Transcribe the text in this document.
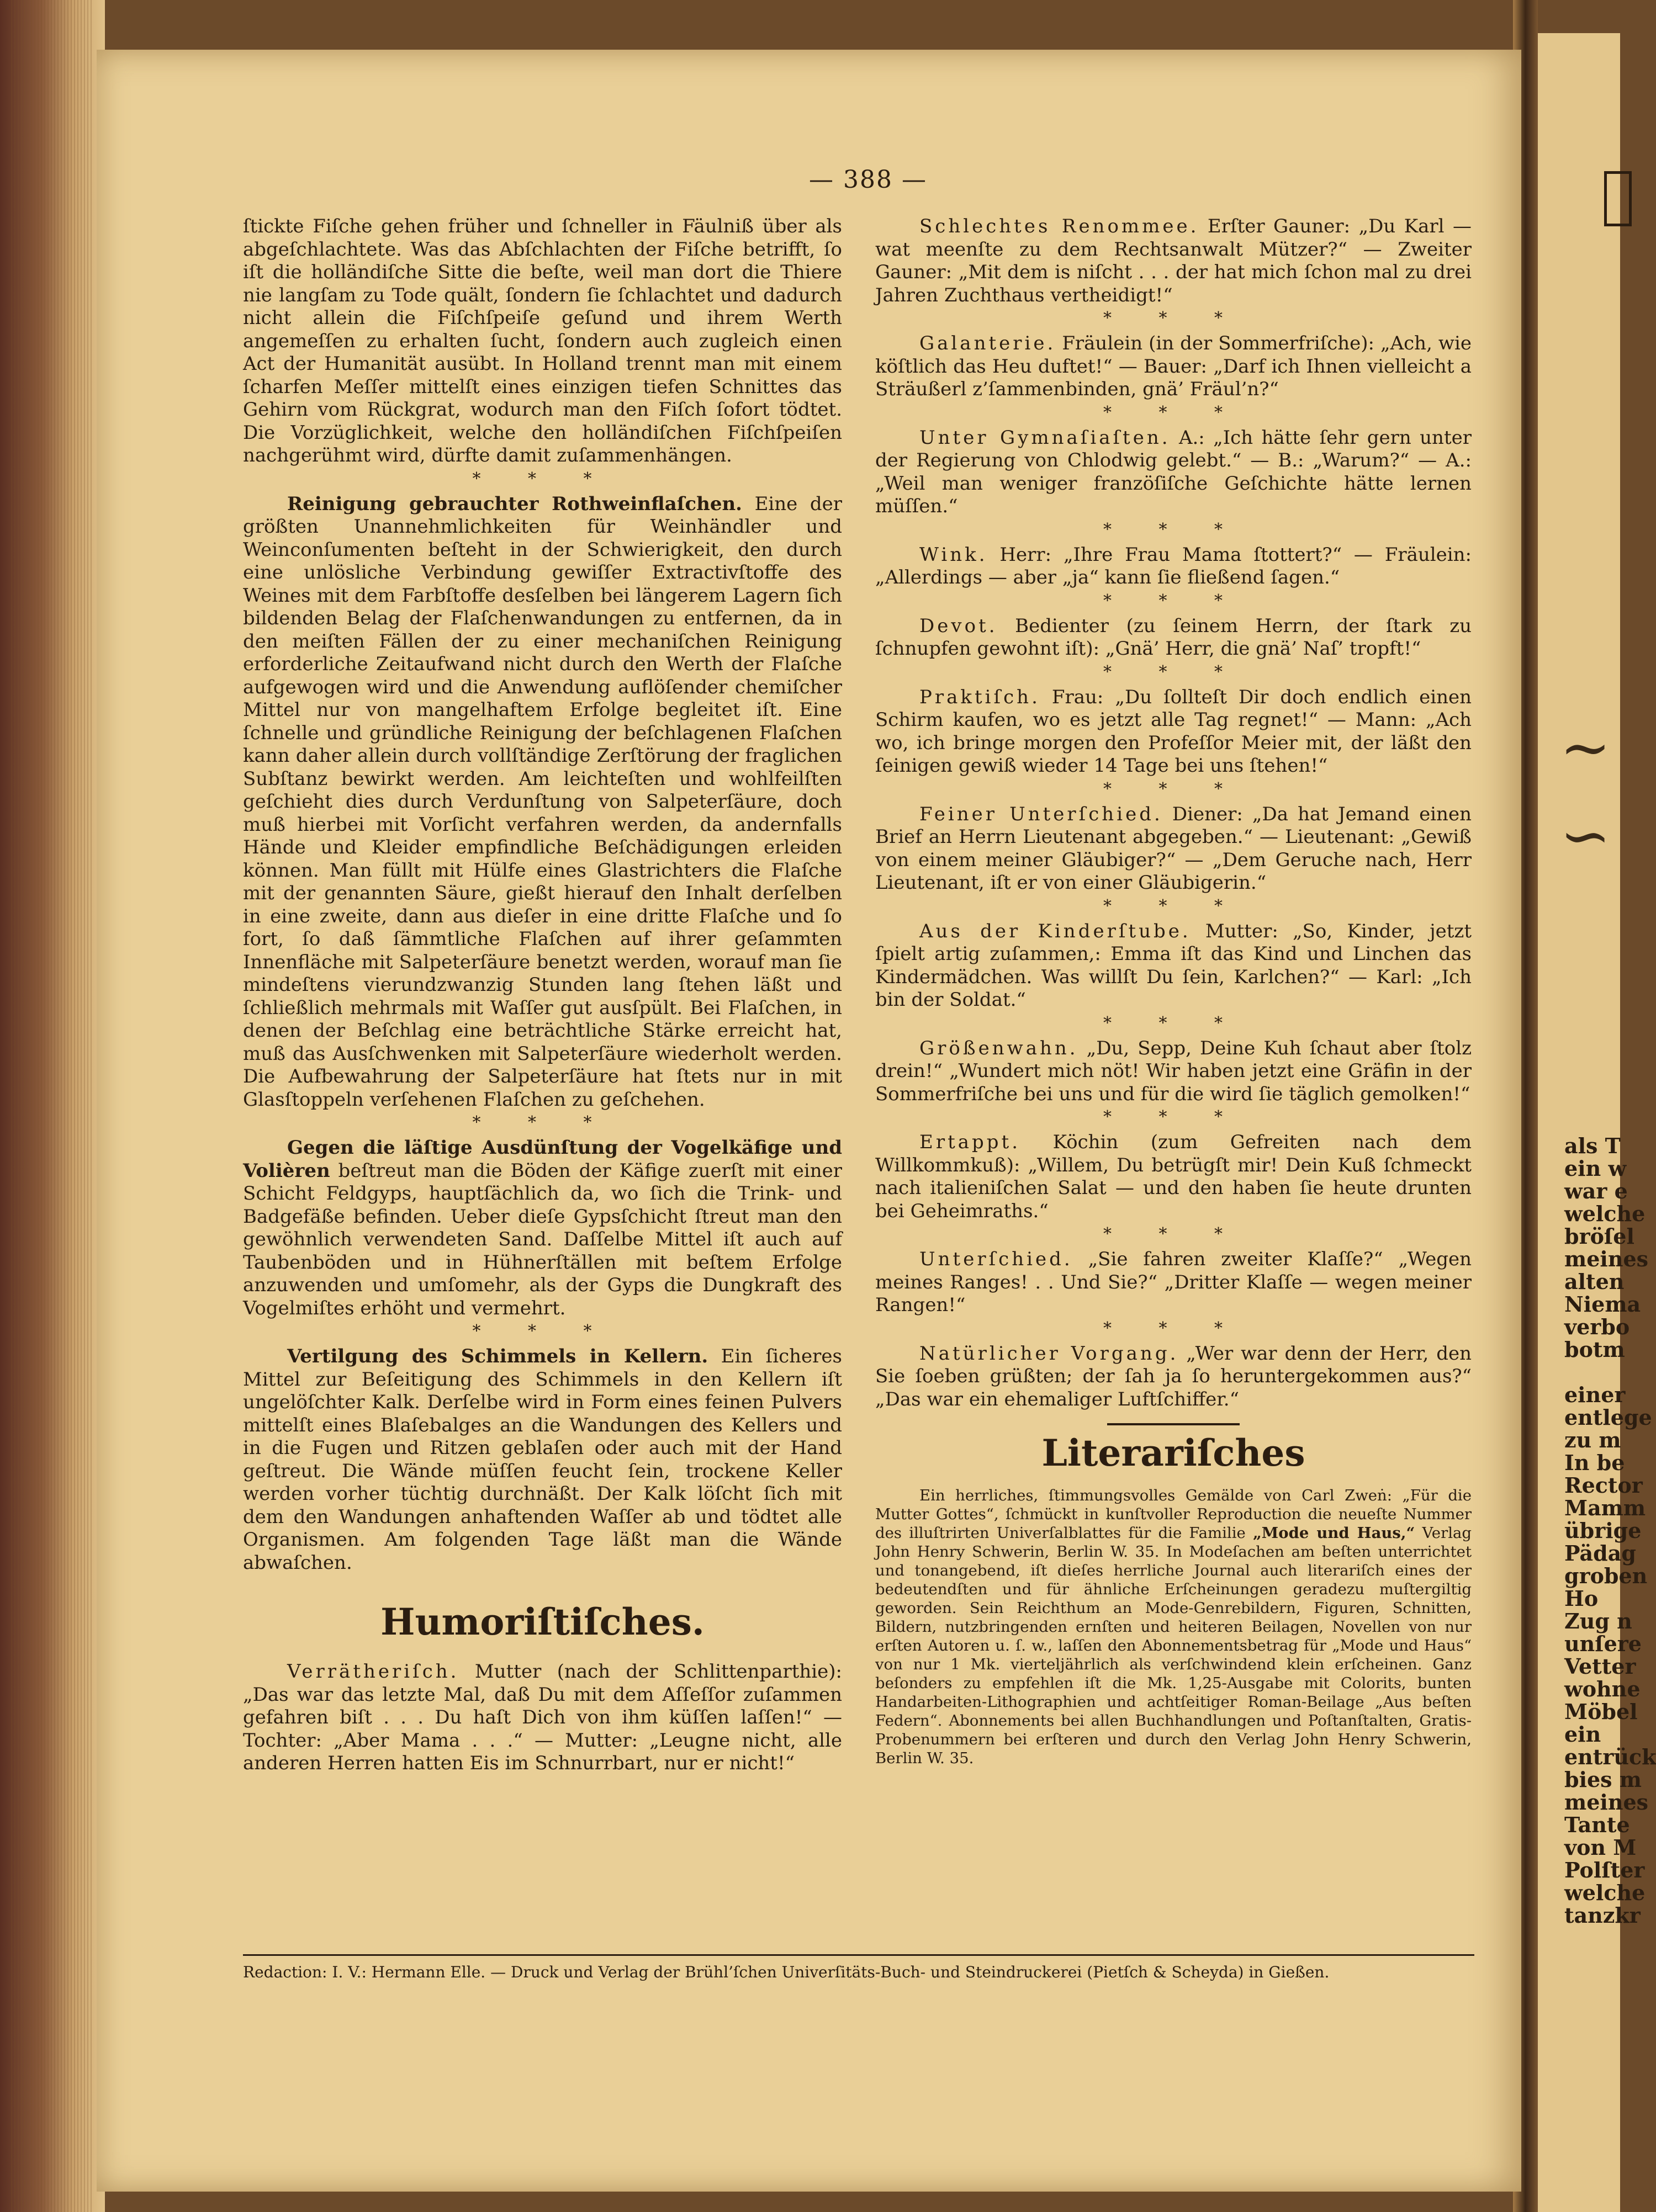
~
∽
als T
ein w
war e
welche
bröſel
meines
alten
Niema
verbo
botm

einer
entlege
zu m
In be
Rector
Mamm
übrige
Pädag
groben
Ho
Zug n
unſere
Vetter
wohne
Möbel
ein
entrück
bies m
meines
Tante
von M
Polſter
welche
tanzkr
— 388 —

ſtickte Fiſche gehen früher und ſchneller in Fäulniß über als abgeſchlachtete. Was das Abſchlachten der Fiſche betrifft, ſo iſt die holländiſche Sitte die beſte, weil man dort die Thiere nie langſam zu Tode quält, ſondern ſie ſchlachtet und dadurch nicht allein die Fiſchſpeiſe geſund und ihrem Werth angemeſſen zu erhalten ſucht, ſondern auch zugleich einen Act der Humanität ausübt. In Holland trennt man mit einem ſcharfen Meſſer mittelſt eines einzigen tiefen Schnittes das Gehirn vom Rückgrat, wodurch man den Fiſch ſofort tödtet. Die Vorzüglichkeit, welche den holländiſchen Fiſchſpeiſen nachgerühmt wird, dürfte damit zuſammenhängen.

* * *

Reinigung gebrauchter Rothweinflaſchen. Eine der größten Unannehmlichkeiten für Weinhändler und Weinconſumenten beſteht in der Schwierigkeit, den durch eine unlösliche Verbindung gewiſſer Extractivſtoffe des Weines mit dem Farbſtoffe desſelben bei längerem Lagern ſich bildenden Belag der Flaſchenwandungen zu entfernen, da in den meiſten Fällen der zu einer mechaniſchen Reinigung erforderliche Zeitaufwand nicht durch den Werth der Flaſche aufgewogen wird und die Anwendung auflöſender chemiſcher Mittel nur von mangelhaftem Erfolge begleitet iſt. Eine ſchnelle und gründliche Reinigung der beſchlagenen Flaſchen kann daher allein durch vollſtändige Zerſtörung der fraglichen Subſtanz bewirkt werden. Am leichteſten und wohlfeilſten geſchieht dies durch Verdunſtung von Salpeterſäure, doch muß hierbei mit Vorſicht verfahren werden, da andernfalls Hände und Kleider empfindliche Beſchädigungen erleiden können. Man füllt mit Hülfe eines Glastrichters die Flaſche mit der genannten Säure, gießt hierauf den Inhalt derſelben in eine zweite, dann aus dieſer in eine dritte Flaſche und ſo fort, ſo daß ſämmtliche Flaſchen auf ihrer geſammten Innenfläche mit Salpeterſäure benetzt werden, worauf man ſie mindeſtens vierundzwanzig Stunden lang ſtehen läßt und ſchließlich mehrmals mit Waſſer gut ausſpült. Bei Flaſchen, in denen der Beſchlag eine beträchtliche Stärke erreicht hat, muß das Ausſchwenken mit Salpeterſäure wiederholt werden. Die Aufbewahrung der Salpeterſäure hat ſtets nur in mit Glasſtoppeln verſehenen Flaſchen zu geſchehen.

* * *

Gegen die läſtige Ausdünſtung der Vogelkäfige und Volièren beſtreut man die Böden der Käfige zuerſt mit einer Schicht Feldgyps, hauptſächlich da, wo ſich die Trink- und Badgefäße befinden. Ueber dieſe Gypsſchicht ſtreut man den gewöhnlich verwendeten Sand. Daſſelbe Mittel iſt auch auf Taubenböden und in Hühnerſtällen mit beſtem Erfolge anzuwenden und umſomehr, als der Gyps die Dungkraft des Vogelmiſtes erhöht und vermehrt.

* * *

Vertilgung des Schimmels in Kellern. Ein ſicheres Mittel zur Beſeitigung des Schimmels in den Kellern iſt ungelöſchter Kalk. Derſelbe wird in Form eines feinen Pulvers mittelſt eines Blaſebalges an die Wandungen des Kellers und in die Fugen und Ritzen geblaſen oder auch mit der Hand geſtreut. Die Wände müſſen feucht ſein, trockene Keller werden vorher tüchtig durchnäßt. Der Kalk löſcht ſich mit dem den Wandungen anhaftenden Waſſer ab und tödtet alle Organismen. Am folgenden Tage läßt man die Wände abwaſchen.

Humoriſtiſches.

Verrätheriſch. Mutter (nach der Schlittenparthie): „Das war das letzte Mal, daß Du mit dem Aſſeſſor zuſammen gefahren biſt . . . Du haſt Dich von ihm küſſen laſſen!“ — Tochter: „Aber Mama . . .“ — Mutter: „Leugne nicht, alle anderen Herren hatten Eis im Schnurrbart, nur er nicht!“

Schlechtes Renommee. Erſter Gauner: „Du Karl — wat meenſte zu dem Rechtsanwalt Mützer?“ — Zweiter Gauner: „Mit dem is niſcht . . . der hat mich ſchon mal zu drei Jahren Zuchthaus vertheidigt!“

* * *

Galanterie. Fräulein (in der Sommerfriſche): „Ach, wie köſtlich das Heu duftet!“ — Bauer: „Darf ich Ihnen vielleicht a Sträußerl z’ſammenbinden, gnä’ Fräul’n?“

* * *

Unter Gymnaſiaſten. A.: „Ich hätte ſehr gern unter der Regierung von Chlodwig gelebt.“ — B.: „Warum?“ — A.: „Weil man weniger franzöſiſche Geſchichte hätte lernen müſſen.“

* * *

Wink. Herr: „Ihre Frau Mama ſtottert?“ — Fräulein: „Allerdings — aber „ja“ kann ſie fließend ſagen.“

* * *

Devot. Bedienter (zu ſeinem Herrn, der ſtark zu ſchnupfen gewohnt iſt): „Gnä’ Herr, die gnä’ Naſ’ tropft!“

* * *

Praktiſch. Frau: „Du ſollteſt Dir doch endlich einen Schirm kaufen, wo es jetzt alle Tag regnet!“ — Mann: „Ach wo, ich bringe morgen den Profeſſor Meier mit, der läßt den ſeinigen gewiß wieder 14 Tage bei uns ſtehen!“

* * *

Feiner Unterſchied. Diener: „Da hat Jemand einen Brief an Herrn Lieutenant abgegeben.“ — Lieutenant: „Gewiß von einem meiner Gläubiger?“ — „Dem Geruche nach, Herr Lieutenant, iſt er von einer Gläubigerin.“

* * *

Aus der Kinderſtube. Mutter: „So, Kinder, jetzt ſpielt artig zuſammen,: Emma iſt das Kind und Linchen das Kindermädchen. Was willſt Du ſein, Karlchen?“ — Karl: „Ich bin der Soldat.“

* * *

Größenwahn. „Du, Sepp, Deine Kuh ſchaut aber ſtolz drein!“ „Wundert mich nöt! Wir haben jetzt eine Gräfin in der Sommerfriſche bei uns und für die wird ſie täglich gemolken!“

* * *

Ertappt. Köchin (zum Gefreiten nach dem Willkommkuß): „Willem, Du betrügſt mir! Dein Kuß ſchmeckt nach italieniſchen Salat — und den haben ſie heute drunten bei Geheimraths.“

* * *

Unterſchied. „Sie fahren zweiter Klaſſe?“ „Wegen meines Ranges! . . Und Sie?“ „Dritter Klaſſe — wegen meiner Rangen!“

* * *

Natürlicher Vorgang. „Wer war denn der Herr, den Sie ſoeben grüßten; der ſah ja ſo heruntergekommen aus?“ „Das war ein ehemaliger Luftſchiffer.“

Literariſches

Ein herrliches, ſtimmungsvolles Gemälde von Carl Zweṅ: „Für die Mutter Gottes“, ſchmückt in kunſtvoller Reproduction die neueſte Nummer des illuſtrirten Univerſalblattes für die Familie „Mode und Haus,“ Verlag John Henry Schwerin, Berlin W. 35. In Modeſachen am beſten unterrichtet und tonangebend, iſt dieſes herrliche Journal auch literariſch eines der bedeutendſten und für ähnliche Erſcheinungen geradezu muſtergiltig geworden. Sein Reichthum an Mode-Genrebildern, Figuren, Schnitten, Bildern, nutzbringenden ernſten und heiteren Beilagen, Novellen von nur erſten Autoren u. ſ. w., laſſen den Abonnementsbetrag für „Mode und Haus“ von nur 1 Mk. vierteljährlich als verſchwindend klein erſcheinen. Ganz beſonders zu empfehlen iſt die Mk. 1,25-Ausgabe mit Colorits, bunten Handarbeiten-Lithographien und achtſeitiger Roman-Beilage „Aus beſten Federn“. Abonnements bei allen Buchhandlungen und Poſtanſtalten, Gratis-Probenummern bei erſteren und durch den Verlag John Henry Schwerin, Berlin W. 35.

Redaction: I. V.: Hermann Elle. — Druck und Verlag der Brühl’ſchen Univerſitäts-Buch- und Steindruckerei (Pietſch & Scheyda) in Gießen.
